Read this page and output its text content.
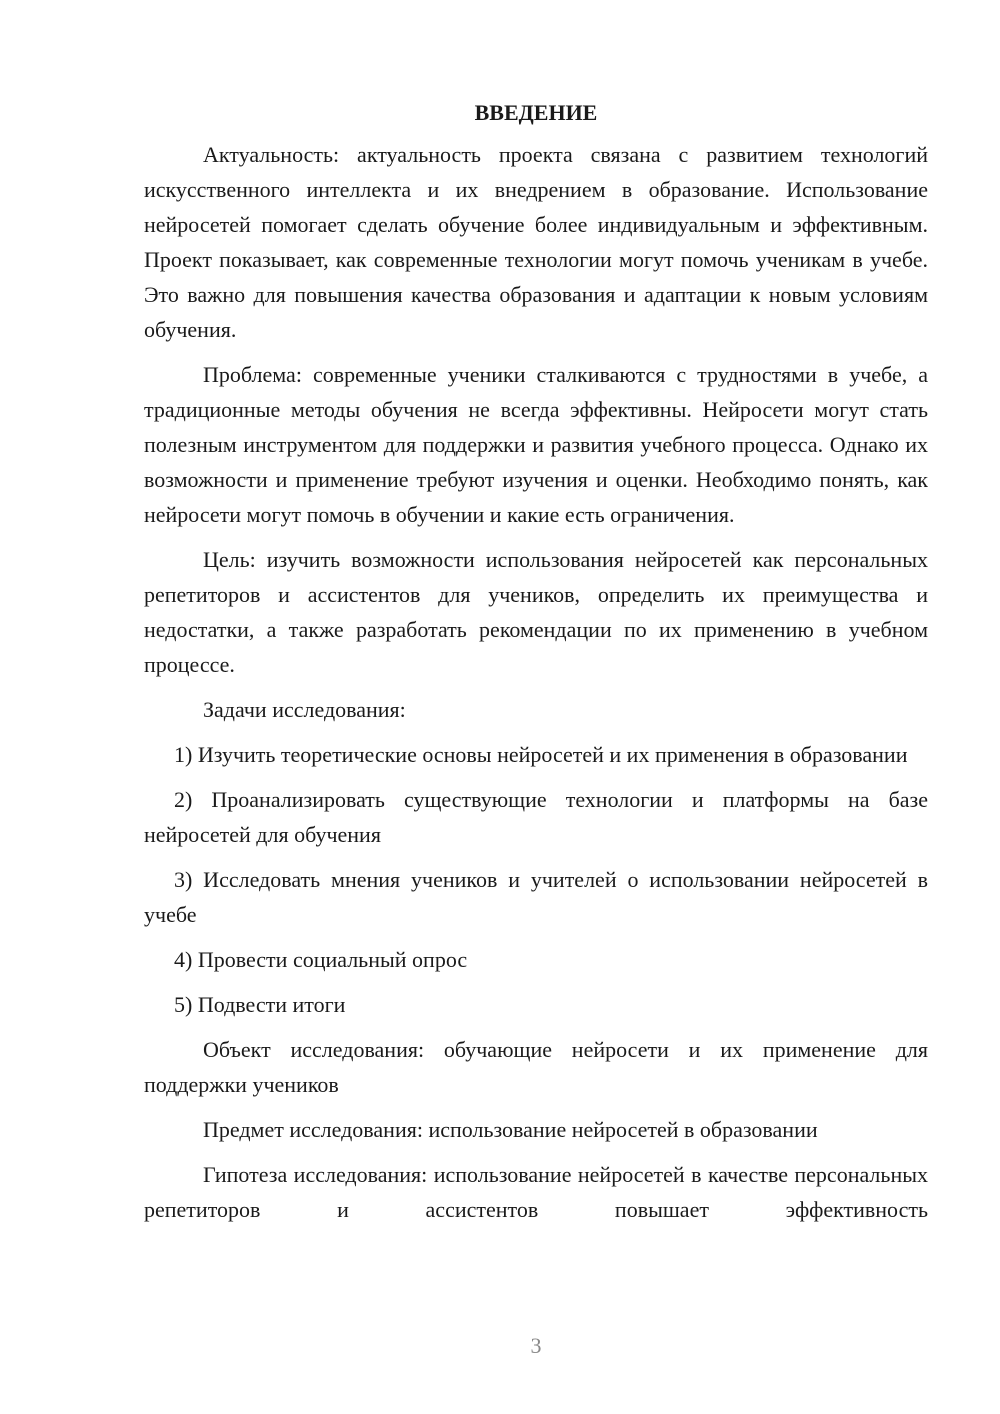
ВВЕДЕНИЕ

Актуальность: актуальность проекта связана с развитием технологий искусственного интеллекта и их внедрением в образование. Использование нейросетей помогает сделать обучение более индивидуальным и эффективным. Проект показывает, как современные технологии могут помочь ученикам в учебе. Это важно для повышения качества образования и адаптации к новым условиям обучения.

Проблема: современные ученики сталкиваются с трудностями в учебе, а традиционные методы обучения не всегда эффективны. Нейросети могут стать полезным инструментом для поддержки и развития учебного процесса. Однако их возможности и применение требуют изучения и оценки. Необходимо понять, как нейросети могут помочь в обучении и какие есть ограничения.

Цель: изучить возможности использования нейросетей как персональных репетиторов и ассистентов для учеников, определить их преимущества и недостатки, а также разработать рекомендации по их применению в учебном процессе.

Задачи исследования:

1) Изучить теоретические основы нейросетей и их применения в образовании

2) Проанализировать существующие технологии и платформы на базе нейросетей для обучения

3) Исследовать мнения учеников и учителей о использовании нейросетей в учебе

4) Провести социальный опрос

5) Подвести итоги

Объект исследования: обучающие нейросети и их применение для поддержки учеников

Предмет исследования: использование нейросетей в образовании

Гипотеза исследования: использование нейросетей в качестве персональных репетиторов и ассистентов повышает эффективность

3
